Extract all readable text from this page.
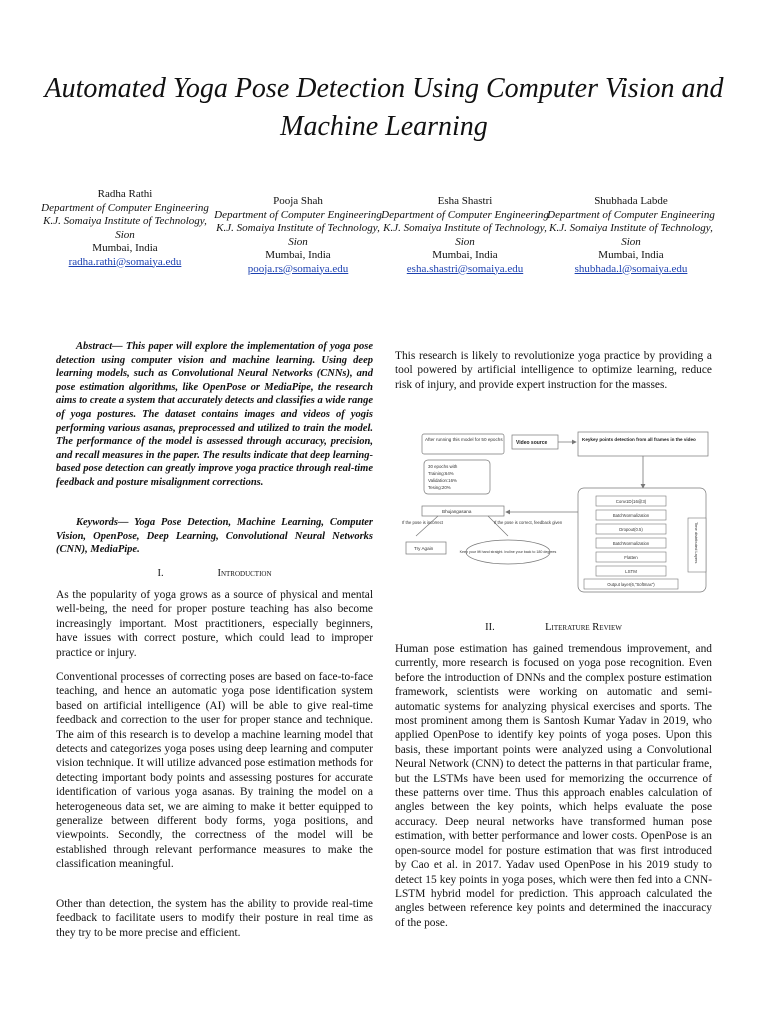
Automated Yoga Pose Detection Using Computer Vision and Machine Learning
Radha Rathi
Department of Computer Engineering
K.J. Somaiya Institute of Technology, Sion
Mumbai, India
radha.rathi@somaiya.edu
Pooja Shah
Department of Computer Engineering
K.J. Somaiya Institute of Technology, Sion
Mumbai, India
pooja.rs@somaiya.edu
Esha Shastri
Department of Computer Engineering
K.J. Somaiya Institute of Technology, Sion
Mumbai, India
esha.shastri@somaiya.edu
Shubhada Labde
Department of Computer Engineering
K.J. Somaiya Institute of Technology, Sion
Mumbai, India
shubhada.l@somaiya.edu
Abstract— This paper will explore the implementation of yoga pose detection using computer vision and machine learning. Using deep learning models, such as Convolutional Neural Networks (CNNs), and pose estimation algorithms, like OpenPose or MediaPipe, the research aims to create a system that accurately detects and classifies a wide range of yoga postures. The dataset contains images and videos of yogis performing various asanas, preprocessed and utilized to train the model. The performance of the model is assessed through accuracy, precision, and recall measures in the paper. The results indicate that deep learning-based pose detection can greatly improve yoga practice through real-time feedback and posture misalignment corrections.
Keywords— Yoga Pose Detection, Machine Learning, Computer Vision, OpenPose, Deep Learning, Convolutional Neural Networks (CNN), MediaPipe.
I.	Introduction
As the popularity of yoga grows as a source of physical and mental well-being, the need for proper posture teaching has also become increasingly important. Most practitioners, especially beginners, have issues with correct posture, which could lead to improper practice or injury.
Conventional processes of correcting poses are based on face-to-face teaching, and hence an automatic yoga pose identification system based on artificial intelligence (AI) will be able to give real-time feedback and correction to the user for proper stance and technique. The aim of this research is to develop a machine learning model that detects and categorizes yoga poses using deep learning and computer vision technique. It will utilize advanced pose estimation methods for detecting important body points and assessing postures for accurate identification of various yoga asanas. By training the model on a heterogeneous data set, we are aiming to make it better equipped to generalize between different body forms, yoga positions, and viewpoints. Secondly, the correctness of the model will be established through relevant performance measures to make the classification meaningful.
Other than detection, the system has the ability to provide real-time feedback to facilitate users to modify their posture in real time as they try to be more precise and efficient.
This research is likely to revolutionize yoga practice by providing a tool powered by artificial intelligence to optimize learning, reduce risk of injury, and provide expert instruction for the masses.
After running this model for 50 epochs
Video source
Keykey points detection from all frames in the video
30 epochs with
Training:64%
Validation:16%
Tesing:20%
Bhujangasana
If the pose is incorrect	If the pose is correct, feedback given
Try Again
Keep your lift hand straight. Incline your back to 180 degrees
Conv1D(16@3)
BatchNormalization
Dropout(0.5)
BatchNormalization
Flatten
LSTM
Output layer(6,"Softmax")
Time distributed Layers
II.	Literature Review
Human pose estimation has gained tremendous improvement, and currently, more research is focused on yoga pose recognition. Even before the introduction of DNNs and the complex posture estimation framework, scientists were working on automatic and semi-automatic systems for analyzing physical exercises and sports. The most prominent among them is Santosh Kumar Yadav in 2019, who applied OpenPose to identify key points of yoga poses. Upon this basis, these important points were analyzed using a Convolutional Neural Network (CNN) to detect the patterns in that particular frame, but the LSTMs have been used for memorizing the occurrence of these patterns over time. Thus this approach enables calculation of angles between the key points, which helps evaluate the pose accuracy. Deep neural networks have transformed human pose estimation, with better performance and lower costs. OpenPose is an open-source model for posture estimation that was first introduced by Cao et al. in 2017. Yadav used OpenPose in his 2019 study to detect 15 key points in yoga poses, which were then fed into a CNN-LSTM hybrid model for prediction. This approach calculated the angles between reference key points and determined the inaccuracy of the pose.
